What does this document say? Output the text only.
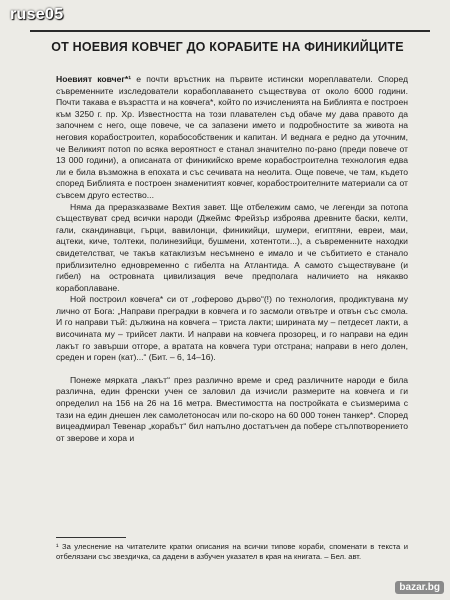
ruse05
ОТ НОЕВИЯ КОВЧЕГ ДО КОРАБИТЕ НА ФИНИКИЙЦИТЕ

Ноевият ковчег*¹ е почти връстник на първите истински мореплаватели. Според съвременните изследователи корабоплаването съществува от около 6000 години. Почти такава е възрастта и на ковчега*, който по изчисленията на Библията е построен към 3250 г. пр. Хр. Известността на този плавателен съд обаче му дава правото да започнем с него, още повече, че са запазени името и подробностите за живота на неговия корабостроител, корабособственик и капитан. И веднага е редно да уточним, че Великият потоп по всяка вероятност е станал значително по-рано (преди повече от 13 000 години), а описаната от финикийско време корабостроителна технология едва ли е била възможна в епохата и със сечивата на неолита. Още повече, че там, където според Библията е построен знаменитият ковчег, корабостроителните материали са от съвсем друго естество...

Няма да преразказваме Вехтия завет. Ще отбележим само, че легенди за потопа съществуват сред всички народи (Джеймс Фрейзър изброява древните баски, келти, гали, скандинавци, гърци, вавилонци, финикийци, шумери, египтяни, евреи, маи, ацтеки, киче, толтеки, полинезийци, бушмени, хотентоти...), а съвременните находки свидетелстват, че такъв катаклизъм несъмнено е имало и че събитието е станало приблизително едновременно с гибелта на Атлантида. А самото съществуване (и гибел) на островната цивилизация вече предполага наличието на някакво корабоплаване.

Ной построил ковчега* си от „гоферово дърво“(!) по технология, продиктувана му лично от Бога: „Направи преградки в ковчега и го засмоли отвътре и отвън със смола. И го направи тъй: дължина на ковчега – триста лакти; ширината му – петдесет лакти, а височината му – трийсет лакти. И направи на ковчега прозорец, и го направи на един лакът го завърши отгоре, а вратата на ковчега тури отстрана; направи в него долен, среден и горен (кат)...“ (Бит. – 6, 14–16).

Понеже мярката „лакът“ през различно време и сред различните народи е била различна, един френски учен се заловил да изчисли размерите на ковчега и ги определил на 156 на 26 на 16 метра. Вместимостта на постройката е съизмерима с тази на един днешен лек самолетоносач или по-скоро на 60 000 тонен танкер*. Според вицеадмирал Тевенар „корабът“ бил напълно достатъчен да побере стълпотворението от зверове и хора и

¹ За улеснение на читателите кратки описания на всички типове кораби, споменати в текста и отбелязани със звездичка, са дадени в азбучен указател в края на книгата. – Бел. авт.
bazar.bg
